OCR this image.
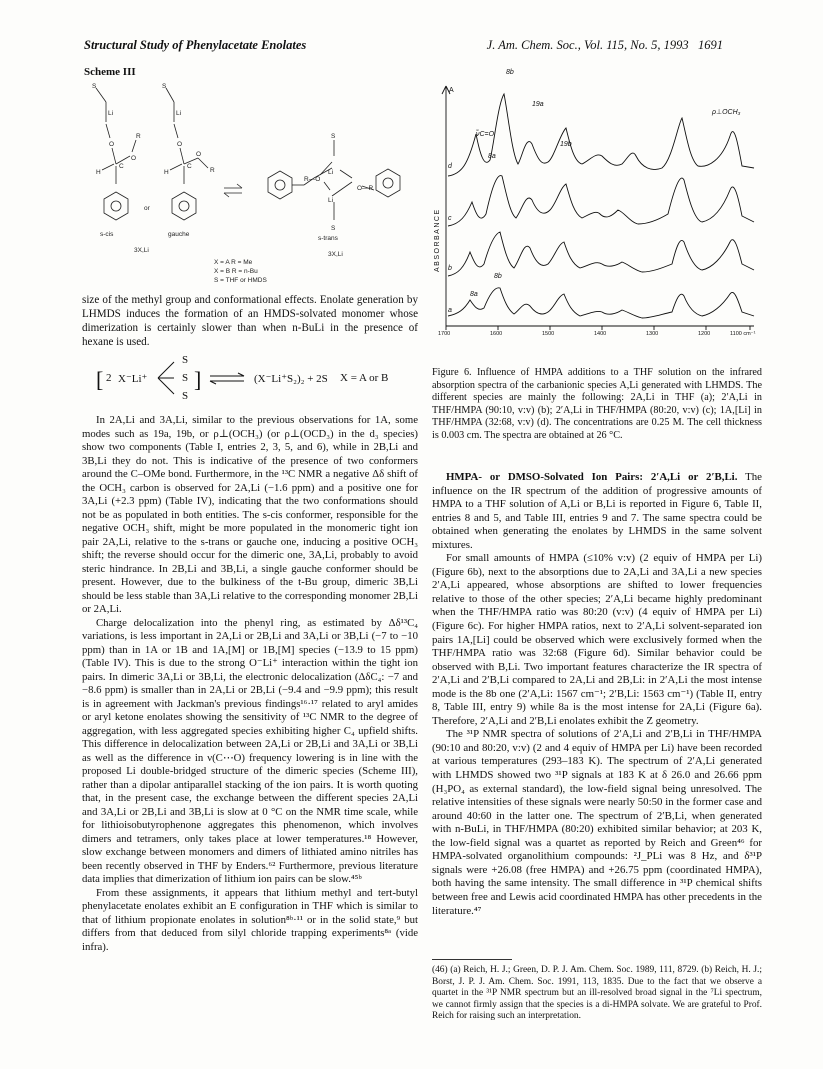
Structural Study of Phenylacetate Enolates	J. Am. Chem. Soc., Vol. 115, No. 5, 1993 1691
Scheme III
S	S
Li	Li
O	O
R
O
C	C
H	H	R
O
or
S
Li
Li
S
R—O
O—R
s-cis	gauche
s-trans
3X,Li
3X,Li
X = A R = Me
X = B R = n-Bu
S = THF or HMDS

size of the methyl group and conformational effects. Enolate generation by LHMDS induces the formation of an HMDS-solvated monomer whose dimerization is certainly slower than when n-BuLi in the presence of hexane is used.

[ 2 X⁻Li⁺
S
S
S
] ⇌ (X⁻Li⁺S₂)₂ + 2S X = A or B

In 2A,Li and 3A,Li, similar to the previous observations for 1A, some modes such as 19a, 19b, or ρ⊥(OCH₃) (or ρ⊥(OCD₃) in the d₃ species) show two components (Table I, entries 2, 3, 5, and 6), while in 2B,Li and 3B,Li they do not. This is indicative of the presence of two conformers around the C–OMe bond. Furthermore, in the ¹³C NMR a negative Δδ shift of the OCH₃ carbon is observed for 2A,Li (−1.6 ppm) and a positive one for 3A,Li (+2.3 ppm) (Table IV), indicating that the two conformations should not be as populated in both entities. The s-cis conformer, responsible for the negative OCH₃ shift, might be more populated in the monomeric tight ion pair 2A,Li, relative to the s-trans or gauche one, inducing a positive OCH₃ shift; the reverse should occur for the dimeric one, 3A,Li, probably to avoid steric hindrance. In 2B,Li and 3B,Li, a single gauche conformer should be present. However, due to the bulkiness of the t-Bu group, dimeric 3B,Li should be less stable than 3A,Li relative to the corresponding monomer 2B,Li or 2A,Li.

Charge delocalization into the phenyl ring, as estimated by Δδ¹³C₄ variations, is less important in 2A,Li or 2B,Li and 3A,Li or 3B,Li (−7 to −10 ppm) than in 1A or 1B and 1A,[M] or 1B,[M] species (−13.9 to 15 ppm) (Table IV). This is due to the strong O⁻Li⁺ interaction within the tight ion pairs. In dimeric 3A,Li or 3B,Li, the electronic delocalization (ΔδC₄: −7 and −8.6 ppm) is smaller than in 2A,Li or 2B,Li (−9.4 and −9.9 ppm); this result is in agreement with Jackman's previous findings¹⁶·¹⁷ related to aryl amides or aryl ketone enolates showing the sensitivity of ¹³C NMR to the degree of aggregation, with less aggregated species exhibiting higher C₄ upfield shifts. This difference in delocalization between 2A,Li or 2B,Li and 3A,Li or 3B,Li as well as the difference in ν(C⋯O) frequency lowering is in line with the proposed Li double-bridged structure of the dimeric species (Scheme III), rather than a dipolar antiparallel stacking of the ion pairs. It is worth quoting that, in the present case, the exchange between the different species 2A,Li and 3A,Li or 2B,Li and 3B,Li is slow at 0 °C on the NMR time scale, while for lithioisobutyrophenone aggregates this phenomenon, which involves dimers and tetramers, only takes place at lower temperatures.¹⁸ However, slow exchange between monomers and dimers of lithiated amino nitriles has been recently observed in THF by Enders.⁶² Furthermore, previous literature data implies that dimerization of lithium ion pairs can be slow.⁴⁵ᵇ

From these assignments, it appears that lithium methyl and tert-butyl phenylacetate enolates exhibit an E configuration in THF which is similar to that of lithium propionate enolates in solution⁸ᵇ·¹¹ or in the solid state,⁹ but differs from that deduced from silyl chloride trapping experiments⁸ᵃ (vide infra).

ABSORBANCE
A
1700	1600	1500	1400	1300	1200	1100 cm⁻¹
d
c
b
a
8b
19a
ν̃C=O
8a
19b
ρ⊥OCH₃
8a
8b

Figure 6. Influence of HMPA additions to a THF solution on the infrared absorption spectra of the carbanionic species A,Li generated with LHMDS. The different species are mainly the following: 2A,Li in THF (a); 2′A,Li in THF/HMPA (90:10, v:v) (b); 2′A,Li in THF/HMPA (80:20, v:v) (c); 1A,[Li] in THF/HMPA (32:68, v:v) (d). The concentrations are 0.25 M. The cell thickness is 0.003 cm. The spectra are obtained at 26 °C.

HMPA- or DMSO-Solvated Ion Pairs: 2′A,Li or 2′B,Li. The influence on the IR spectrum of the addition of progressive amounts of HMPA to a THF solution of A,Li or B,Li is reported in Figure 6, Table II, entries 8 and 5, and Table III, entries 9 and 7. The same spectra could be obtained when generating the enolates by LHMDS in the same solvent mixtures.

For small amounts of HMPA (≤10% v:v) (2 equiv of HMPA per Li) (Figure 6b), next to the absorptions due to 2A,Li and 3A,Li a new species 2′A,Li appeared, whose absorptions are shifted to lower frequencies relative to those of the other species; 2′A,Li became highly predominant when the THF/HMPA ratio was 80:20 (v:v) (4 equiv of HMPA per Li) (Figure 6c). For higher HMPA ratios, next to 2′A,Li solvent-separated ion pairs 1A,[Li] could be observed which were exclusively formed when the THF/HMPA ratio was 32:68 (Figure 6d). Similar behavior could be observed with B,Li. Two important features characterize the IR spectra of 2′A,Li and 2′B,Li compared to 2A,Li and 2B,Li: in 2′A,Li the most intense mode is the 8b one (2′A,Li: 1567 cm⁻¹; 2′B,Li: 1563 cm⁻¹) (Table II, entry 8, Table III, entry 9) while 8a is the most intense for 2A,Li (Figure 6a). Therefore, 2′A,Li and 2′B,Li enolates exhibit the Z geometry.

The ³¹P NMR spectra of solutions of 2′A,Li and 2′B,Li in THF/HMPA (90:10 and 80:20, v:v) (2 and 4 equiv of HMPA per Li) have been recorded at various temperatures (293–183 K). The spectrum of 2′A,Li generated with LHMDS showed two ³¹P signals at 183 K at δ 26.0 and 26.66 ppm (H₃PO₄ as external standard), the low-field signal being unresolved. The relative intensities of these signals were nearly 50:50 in the former case and around 40:60 in the latter one. The spectrum of 2′B,Li, when generated with n-BuLi, in THF/HMPA (80:20) exhibited similar behavior; at 203 K, the low-field signal was a quartet as reported by Reich and Green⁴⁶ for HMPA-solvated organolithium compounds: ²J_PLi was 8 Hz, and δ³¹P signals were +26.08 (free HMPA) and +26.75 ppm (coordinated HMPA), both having the same intensity. The small difference in ³¹P chemical shifts between free and Lewis acid coordinated HMPA has other precedents in the literature.⁴⁷

(46) (a) Reich, H. J.; Green, D. P. J. Am. Chem. Soc. 1989, 111, 8729. (b) Reich, H. J.; Borst, J. P. J. Am. Chem. Soc. 1991, 113, 1835. Due to the fact that we observe a quartet in the ³¹P NMR spectrum but an ill-resolved broad signal in the ⁷Li spectrum, we cannot firmly assign that the species is a di-HMPA solvate. We are grateful to Prof. Reich for raising such an interpretation.
